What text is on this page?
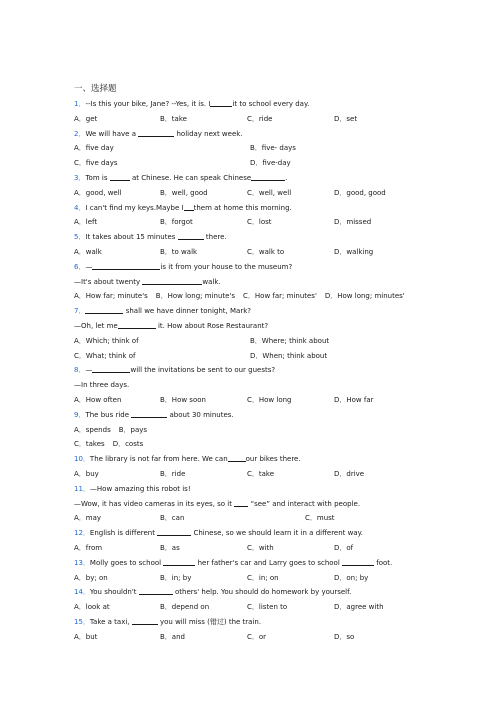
一、选择题
1．--Is this your bike, Jane? --Yes, it is. I	it to school every day.
A．get	B．take	C．ride	D．set
2．We will have a	holiday next week.
A．five day	B．five- days
C．five days	D．five-day
3．Tom is	at Chinese. He can speak Chinese	.
A．good, well	B．well, good	C．well, well	D．good, good
4．I can't find my keys.Maybe I them at home this morning.
A．left	B．forgot	C．lost	D．missed
5．It takes about 15 minutes	there.
A．walk	B．to walk	C．walk to	D．walking
6．—	is it from your house to the museum?
—It's about twenty	walk.
A．How far; minute's B．How long; minute's C．How far; minutes' D．How long; minutes'
7．	shall we have dinner tonight, Mark?
—Oh, let me	it. How about Rose Restaurant?
A．Which; think of	B．Where; think about
C．What; think of	D．When; think about
8．—	will the invitations be sent to our guests?
—In three days.
A．How often	B．How soon	C．How long	D．How far
9．The bus ride	about 30 minutes.
A．spends B．pays
C．takes D．costs
10．The library is not far from here. We can	our bikes there.
A．buy	B．ride	C．take	D．drive
11．—How amazing this robot is!
—Wow, it has video cameras in its eyes, so it	“see” and interact with people.
A．may	B．can	C．must
12．English is different	Chinese, so we should learn it in a different way.
A．from	B．as	C．with	D．of
13．Molly goes to school	her father's car and Larry goes to school	foot.
A．by; on	B．in; by	C．in; on	D．on; by
14．You shouldn't	others' help. You should do homework by yourself.
A．look at	B．depend on	C．listen to	D．agree with
15．Take a taxi,	you will miss (错过) the train.
A．but	B．and	C．or	D．so
